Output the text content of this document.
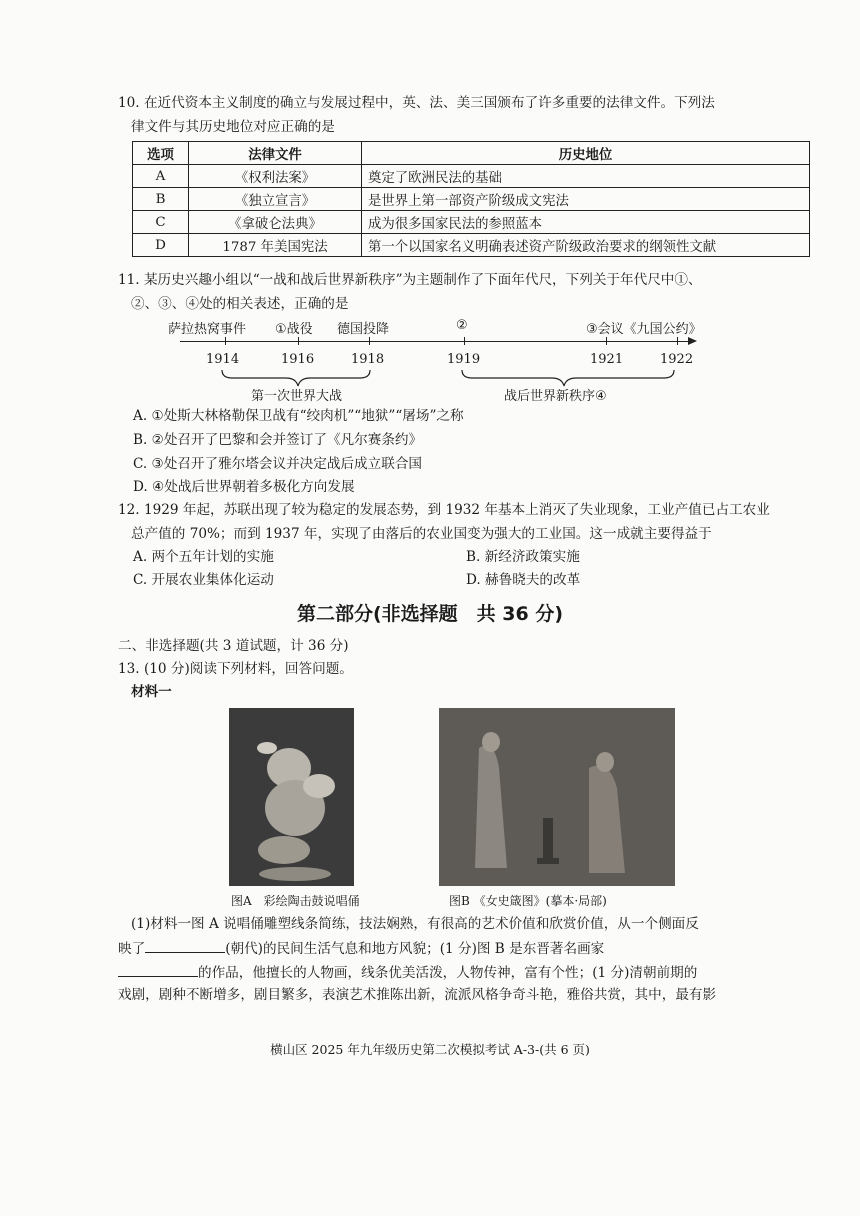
10. 在近代资本主义制度的确立与发展过程中，英、法、美三国颁布了许多重要的法律文件。下列法
律文件与其历史地位对应正确的是
选项	法律文件	历史地位
A	《权利法案》	奠定了欧洲民法的基础
B	《独立宣言》	是世界上第一部资产阶级成文宪法
C	《拿破仑法典》	成为很多国家民法的参照蓝本
D	1787 年美国宪法	第一个以国家名义明确表述资产阶级政治要求的纲领性文献
11. 某历史兴趣小组以“一战和战后世界新秩序”为主题制作了下面年代尺，下列关于年代尺中①、
②、③、④处的相关表述，正确的是
萨拉热窝事件 ①战役 德国投降	②	③会议《九国公约》
1914	1916	1918	1919	1921	1922
第一次世界大战	战后世界新秩序④
A. ①处斯大林格勒保卫战有“绞肉机”“地狱”“屠场”之称
B. ②处召开了巴黎和会并签订了《凡尔赛条约》
C. ③处召开了雅尔塔会议并决定战后成立联合国
D. ④处战后世界朝着多极化方向发展
12. 1929 年起，苏联出现了较为稳定的发展态势，到 1932 年基本上消灭了失业现象，工业产值已占工农业
总产值的 70%；而到 1937 年，实现了由落后的农业国变为强大的工业国。这一成就主要得益于
A. 两个五年计划的实施	B. 新经济政策实施
C. 开展农业集体化运动	D. 赫鲁晓夫的改革
第二部分(非选择题　共 36 分)
二、非选择题(共 3 道试题，计 36 分)
13. (10 分)阅读下列材料，回答问题。
材料一
图A　彩绘陶击鼓说唱俑	图B 《女史箴图》(摹本·局部)
(1)材料一图 A 说唱俑雕塑线条简练，技法娴熟，有很高的艺术价值和欣赏价值，从一个侧面反
映了	(朝代)的民间生活气息和地方风貌；(1 分)图 B 是东晋著名画家
的作品，他擅长的人物画，线条优美活泼，人物传神，富有个性；(1 分)清朝前期的
戏剧，剧种不断增多，剧目繁多，表演艺术推陈出新，流派风格争奇斗艳，雅俗共赏，其中，最有影
横山区 2025 年九年级历史第二次模拟考试 A-3-(共 6 页)
